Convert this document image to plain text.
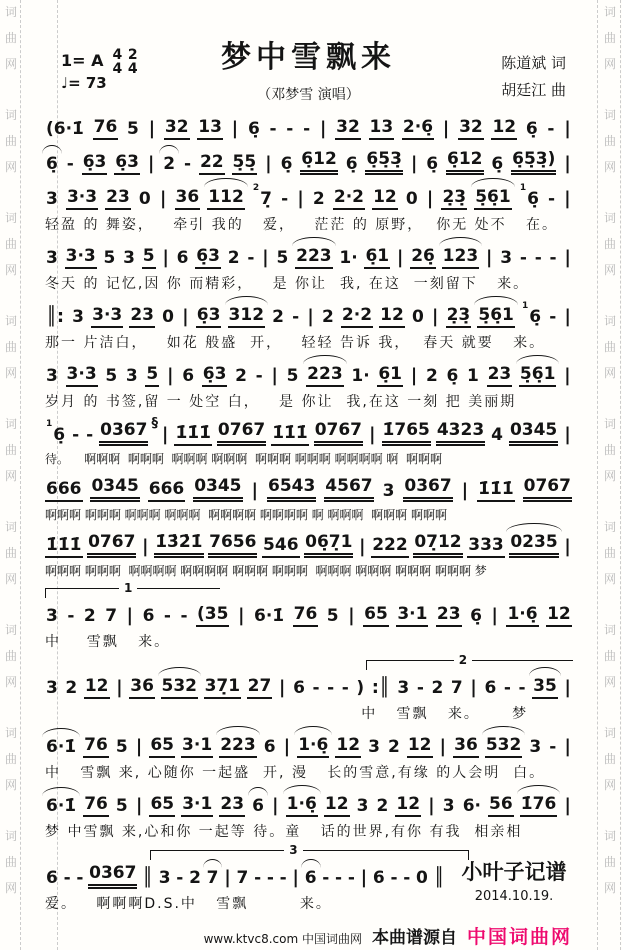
词
曲
网
词
曲
网
词
曲
网
词
曲
网
词
曲
网
词
曲
网
词
曲
网
词
曲
网
词
曲
网
词
曲
网
词
曲
网
词
曲
网
词
曲
网
词
曲
网
词
曲
网
词
曲
网
词
曲
网
词
曲
网
1= A 4
4

2
4
♩= 73
梦中雪飘来
（邓梦雪 演唱）
陈道斌 词
胡廷江 曲
(6·1̇ 76 5 | 32 13 | 6̣ - - - | 32 13 2·6̣ | 32 12 6̣ - |
6̣ - 6̣3 6̣3 | 2 - 22 5̣5̣ | 6̣ 6̣12 6̣ 6̣5̣3̣ | 6̣ 6̣12 6̣ 6̣5̣3̣) |
3 3·3 23 0 | 36 112 $^2$7̣ - | 2 2·2 12 0 | 2̣3̣ 5̣6̣1 $^1$6̣ - |
轻盈 的 舞姿，   牵引 我的   爱，   茫茫 的 原野，  你无 处不   在。
3 3·3 5 3 5 | 6 6̣3 2 - | 5 223 1· 6̣1 | 26̣ 123 | 3 - - - |
冬天 的 记忆,因 你 而精彩，   是 你让  我, 在这  一刻留下   来。
║: 3 3·3 23 0 | 6̣3 312 2 - | 2 2·2 12 0 | 2̣3̣ 5̣6̣1 $^1$6̣ - |
那一 片洁白，   如花 般盛  开，   轻轻 告诉 我，  春天 就要   来。
3 3·3 5 3 5 | 6 6̣3 2 - | 5 223 1· 6̣1 | 2 6̣ 1 23 5̣6̣1 |
岁月 的 书签,留 一 处空 白，   是 你让  我,在这 一刻 把 美丽期
$^1$6̣ - - 0367 §
| 1̇1̇1̇ 0767 1̇1̇1̇ 0767 | 1̇765 4323 4 0345 |
待。    啊啊啊  啊啊啊  啊啊啊 啊啊啊  啊啊啊 啊啊啊 啊啊啊啊 啊  啊啊啊
666 0345 666 0345 | 6543 4567 3 0367 | 1̇1̇1̇ 0767
啊啊啊 啊啊啊 啊啊啊 啊啊啊  啊啊啊啊 啊啊啊啊 啊 啊啊啊  啊啊啊 啊啊啊
1̇1̇1̇ 0767 | 1̇3̇2̇1̇ 7656 546 06̣7̣1 | 222 07̣12 333 0235 |
啊啊啊 啊啊啊  啊啊啊啊 啊啊啊啊 啊啊啊 啊啊啊  啊啊啊 啊啊啊 啊啊啊 啊啊啊 梦
1
3 - 2 7 | 6 - - (35 | 6·1̇ 76 5 | 65 3·1 23 6̣ | 1·6̣ 12
中    雪飘   来。
2
3 2 12 | 36 532 37̣1 27 | 6 - - - ) :║ 3 - 2 7 | 6 - - 35 |
中   雪飘   来。     梦
6·1̇ 76 5 | 65 3·1 223 6 | 1·6̣ 12 3 2 12 | 36 532 3 - |
中   雪飘 来, 心随你 一起盛  开, 漫   长的雪意,有缘 的人会明  白。
6·1̇ 76 5 | 65 3·1 23 6 | 1·6̣ 12 3 2 12 | 3 6· 56 1̇76 |
梦 中雪飘 来,心和你 一起等 待。童   话的世界,有你 有我  相亲相
3
6 - - 0367 ║ 3 - 2 7 | 7 - - - | 6 - - - | 6 - - 0 ║
爱。   啊啊啊D.S.中   雪飘        来。
小叶子记谱
2014.10.19.
www.ktvc8.com 中国词曲网 本曲谱源自 中国词曲网
